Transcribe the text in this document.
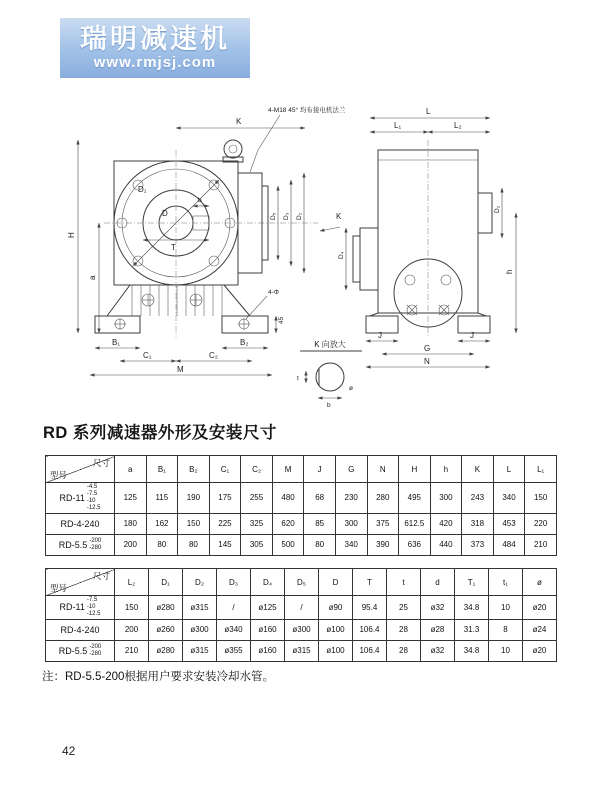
瑞明减速机
www.rmjsj.com
K
H
a
D₁
D
T
b
D₅ D₃ D₂	K
B₁	B₂
C₁	C₂
M
4-Φ
45
4-M18 45° 均布接电机法兰	L
L₁	L₂
D₄
D₂
h
J	J
G
N
K 向放大
t
b
ø
RD 系列减速器外形及安装尺寸
尺寸
型号	a	B₁	B₂	C₁	C₂	M	J	G	N	H	h	K	L	L₁

RD-11
-4.5
-7.5
-10
-12.5	125	115	190	175	255	480	68	230	280	495	300	243	340	150

RD-4-240	180	162	150	225	325	620	85	300	375	612.5	420	318	453	220

RD-5.5 -200
-280	200	80	80	145	305	500	80	340	390	636	440	373	484	210
尺寸
型号	L₂	D₁	D₂	D₃	D₄	D₅	D	T	t	d	T₁	t₁	ø

RD-11
-7.5
-10
-12.5	150	ø280	ø315	/	ø125	/	ø90	95.4	25	ø32	34.8	10	ø20

RD-4-240	200	ø260	ø300	ø340	ø160	ø300	ø100	106.4	28	ø28	31.3	8	ø24

RD-5.5 -200
-280	210	ø280	ø315	ø355	ø160	ø315	ø100	106.4	28	ø32	34.8	10	ø20
注：RD-5.5-200根据用户要求安装冷却水管。
42
